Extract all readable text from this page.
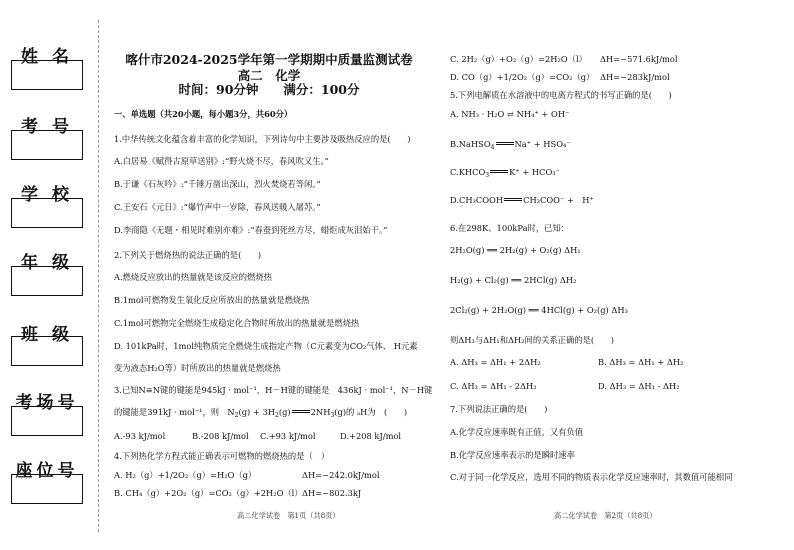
姓 名
考 号
学 校
年 级
班 级
考场号
座位号
喀什市2024-2025学年第一学期期中质量监测试卷
高二　化学
时间：90分钟　　满分：100分
一、单选题（共20小题，每小题3分，共60分）
1.中华传统文化蕴含着丰富的化学知识，下列诗句中主要涉及吸热反应的是(　　)
A.白居易《赋得古原草送别》:“野火烧不尽，春风吹又生。”
B.于谦《石灰吟》:“千锤万凿出深山，烈火焚烧若等闲。”
C.王安石《元日》:“爆竹声中一岁除，春风送暖入屠苏。”
D.李商隐《无题・相见时难别亦难》:“春蚕到死丝方尽，蜡炬成灰泪始干。”
2.下列关于燃烧热的说法正确的是(　　)
A.燃烧反应放出的热量就是该反应的燃烧热
B.1mol可燃物发生氧化反应所放出的热量就是燃烧热
C.1mol可燃物完全燃烧生成稳定化合物时所放出的热量就是燃烧热
D. 101kPa时，1mol纯物质完全燃烧生成指定产物（C元素变为CO₂气体、 H元素
变为液态H₂O等）时所放出的热量就是燃烧热
3.已知N≡N键的键能是945kJ · mol⁻¹，H－H键的键能是　436kJ · mol⁻¹，N－H键
的键能是391kJ · mol⁻¹，则　$N_2(g) + 3H_2(g)$ $2NH_3(g)$的 ₐH为　(　　)
A.-93 kJ/mol	B.-208 kJ/mol C.+93 kJ/mol	D.+208 kJ/mol
4.下列热化学方程式能正确表示可燃物的燃烧热的是（　）
A. H₂（g）+1/2O₂（g）=H₂O（g）	ΔH=−242.0kJ/mol
B. CH₄（g）+2O₂（g）=CO₂（g）+2H₂O（l） ΔH=−802.3kJ
高二化学试卷　第1页（共8页）
C. 2H₂（g）+O₂（g）=2H₂O（l） ΔH=−571.6kJ/mol
D. CO（g）+1/2O₂（g）=CO₂（g） ΔH=−283kJ/mol
5.下列电解质在水溶液中的电离方程式的书写正确的是(　　)
A. NH₃ · H₂O ⇌ NH₄⁺ + OH⁻
B.NaHSO$_4$ Na⁺ + HSO₄⁻
$C.KHCO_3$ K⁺ + HCO₃⁻
D.CH₃COOH CH₃COO⁻ +　H⁺
6.在298K、100kPa时，已知：
2H₂O(g) ══ 2H₂(g) + O₂(g) ΔH₁
H₂(g) + Cl₂(g) ══ 2HCl(g) ΔH₂
2Cl₂(g) + 2H₂O(g) ══ 4HCl(g) + O₂(g) ΔH₃
则ΔH₃与ΔH₁和ΔH₂间的关系正确的是(　　)
A. ΔH₃ = ΔH₁ + 2ΔH₂	B. ΔH₃ = ΔH₁ + ΔH₂
C. ΔH₃ = ΔH₁ - 2ΔH₂	D. ΔH₃ = ΔH₁ - ΔH₂
7.下列说法正确的是(　　)
A.化学反应速率既有正值，又有负值
B.化学反应速率表示的是瞬时速率
C.对于同一化学反应，选用不同的物质表示化学反应速率时，其数值可能相同
高二化学试卷　第2页（共8页）
